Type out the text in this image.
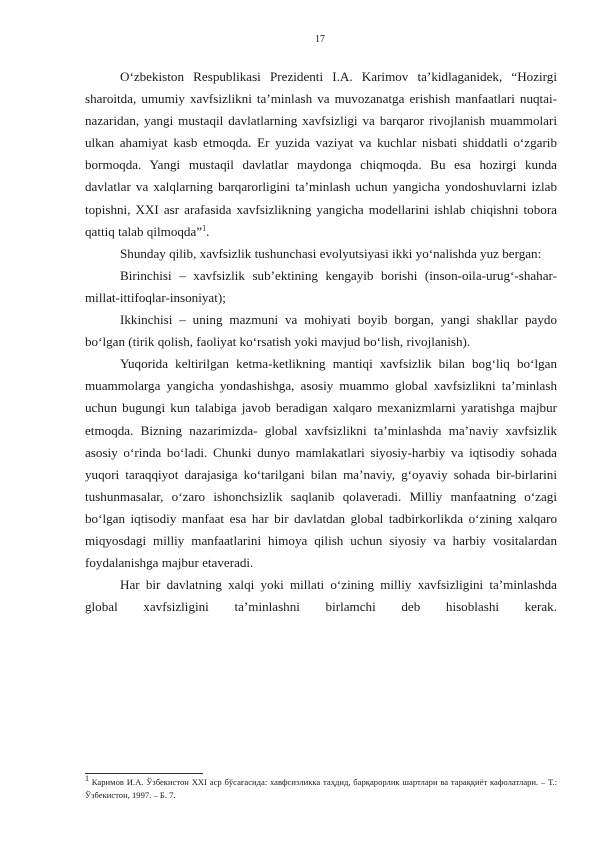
17

O‘zbekiston Respublikasi Prezidenti I.A. Karimov ta’kidlaganidek, “Hozirgi sharoitda, umumiy xavfsizlikni ta’minlash va muvozanatga erishish manfaatlari nuqtai-nazaridan, yangi mustaqil davlatlarning xavfsizligi va barqaror rivojlanish muammolari ulkan ahamiyat kasb etmoqda. Er yuzida vaziyat va kuchlar nisbati shiddatli o‘zgarib bormoqda. Yangi mustaqil davlatlar maydonga chiqmoqda. Bu esa hozirgi kunda davlatlar va xalqlarning barqarorligini ta’minlash uchun yangicha yondoshuvlarni izlab topishni, XXI asr arafasida xavfsizlikning yangicha modellarini ishlab chiqishni tobora qattiq talab qilmoqda”$^1$.

Shunday qilib, xavfsizlik tushunchasi evolyutsiyasi ikki yo‘nalishda yuz bergan:

Birinchisi – xavfsizlik sub’ektining kengayib borishi (inson-oila-urug‘-shahar-millat-ittifoqlar-insoniyat);

Ikkinchisi – uning mazmuni va mohiyati boyib borgan, yangi shakllar paydo bo‘lgan (tirik qolish, faoliyat ko‘rsatish yoki mavjud bo‘lish, rivojlanish).

Yuqorida keltirilgan ketma-ketlikning mantiqi xavfsizlik bilan bog‘liq bo‘lgan muammolarga yangicha yondashishga, asosiy muammo global xavfsizlikni ta’minlash uchun bugungi kun talabiga javob beradigan xalqaro mexanizmlarni yaratishga majbur etmoqda. Bizning nazarimizda- global xavfsizlikni ta’minlashda ma’naviy xavfsizlik asosiy o‘rinda bo‘ladi. Chunki dunyo mamlakatlari siyosiy-harbiy va iqtisodiy sohada yuqori taraqqiyot darajasiga ko‘tarilgani bilan ma’naviy, g‘oyaviy sohada bir-birlarini tushunmasalar, o‘zaro ishonchsizlik saqlanib qolaveradi. Milliy manfaatning o‘zagi bo‘lgan iqtisodiy manfaat esa har bir davlatdan global tadbirkorlikda o‘zining xalqaro miqyosdagi milliy manfaatlarini himoya qilish uchun siyosiy va harbiy vositalardan foydalanishga majbur etaveradi.

Har bir davlatning xalqi yoki millati o‘zining milliy xavfsizligini ta’minlashda global xavfsizligini ta’minlashni birlamchi deb hisoblashi kerak.

$^1$ Каримов И.А. Ўзбекистон XXI аср бўсағасида: хавфсизликка таҳдид, барқарорлик шартлари ва тараққиёт кафолатлари. – Т.: Ўзбекистон, 1997. – Б. 7.
